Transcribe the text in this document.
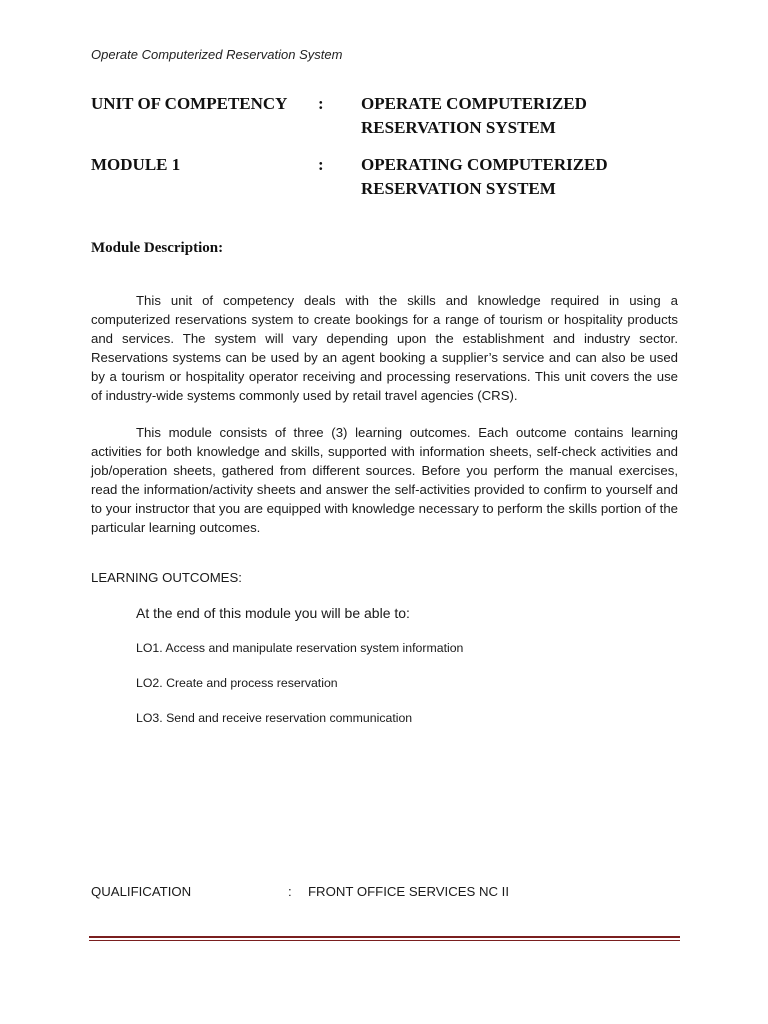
Operate Computerized Reservation System
UNIT OF COMPETENCY	: OPERATE COMPUTERIZED
RESERVATION SYSTEM
MODULE 1	: OPERATING COMPUTERIZED
RESERVATION SYSTEM
Module Description:

This unit of competency deals with the skills and knowledge required in using a computerized reservations system to create bookings for a range of tourism or hospitality products and services. The system will vary depending upon the establishment and industry sector. Reservations systems can be used by an agent booking a supplier’s service and can also be used by a tourism or hospitality operator receiving and processing reservations. This unit covers the use of industry-wide systems commonly used by retail travel agencies (CRS).

This module consists of three (3) learning outcomes. Each outcome contains learning activities for both knowledge and skills, supported with information sheets, self-check activities and job/operation sheets, gathered from different sources. Before you perform the manual exercises, read the information/activity sheets and answer the self-activities provided to confirm to yourself and to your instructor that you are equipped with knowledge necessary to perform the skills portion of the particular learning outcomes.

LEARNING OUTCOMES:
At the end of this module you will be able to:
LO1. Access and manipulate reservation system information
LO2. Create and process reservation
LO3. Send and receive reservation communication
QUALIFICATION	: FRONT OFFICE SERVICES NC II
